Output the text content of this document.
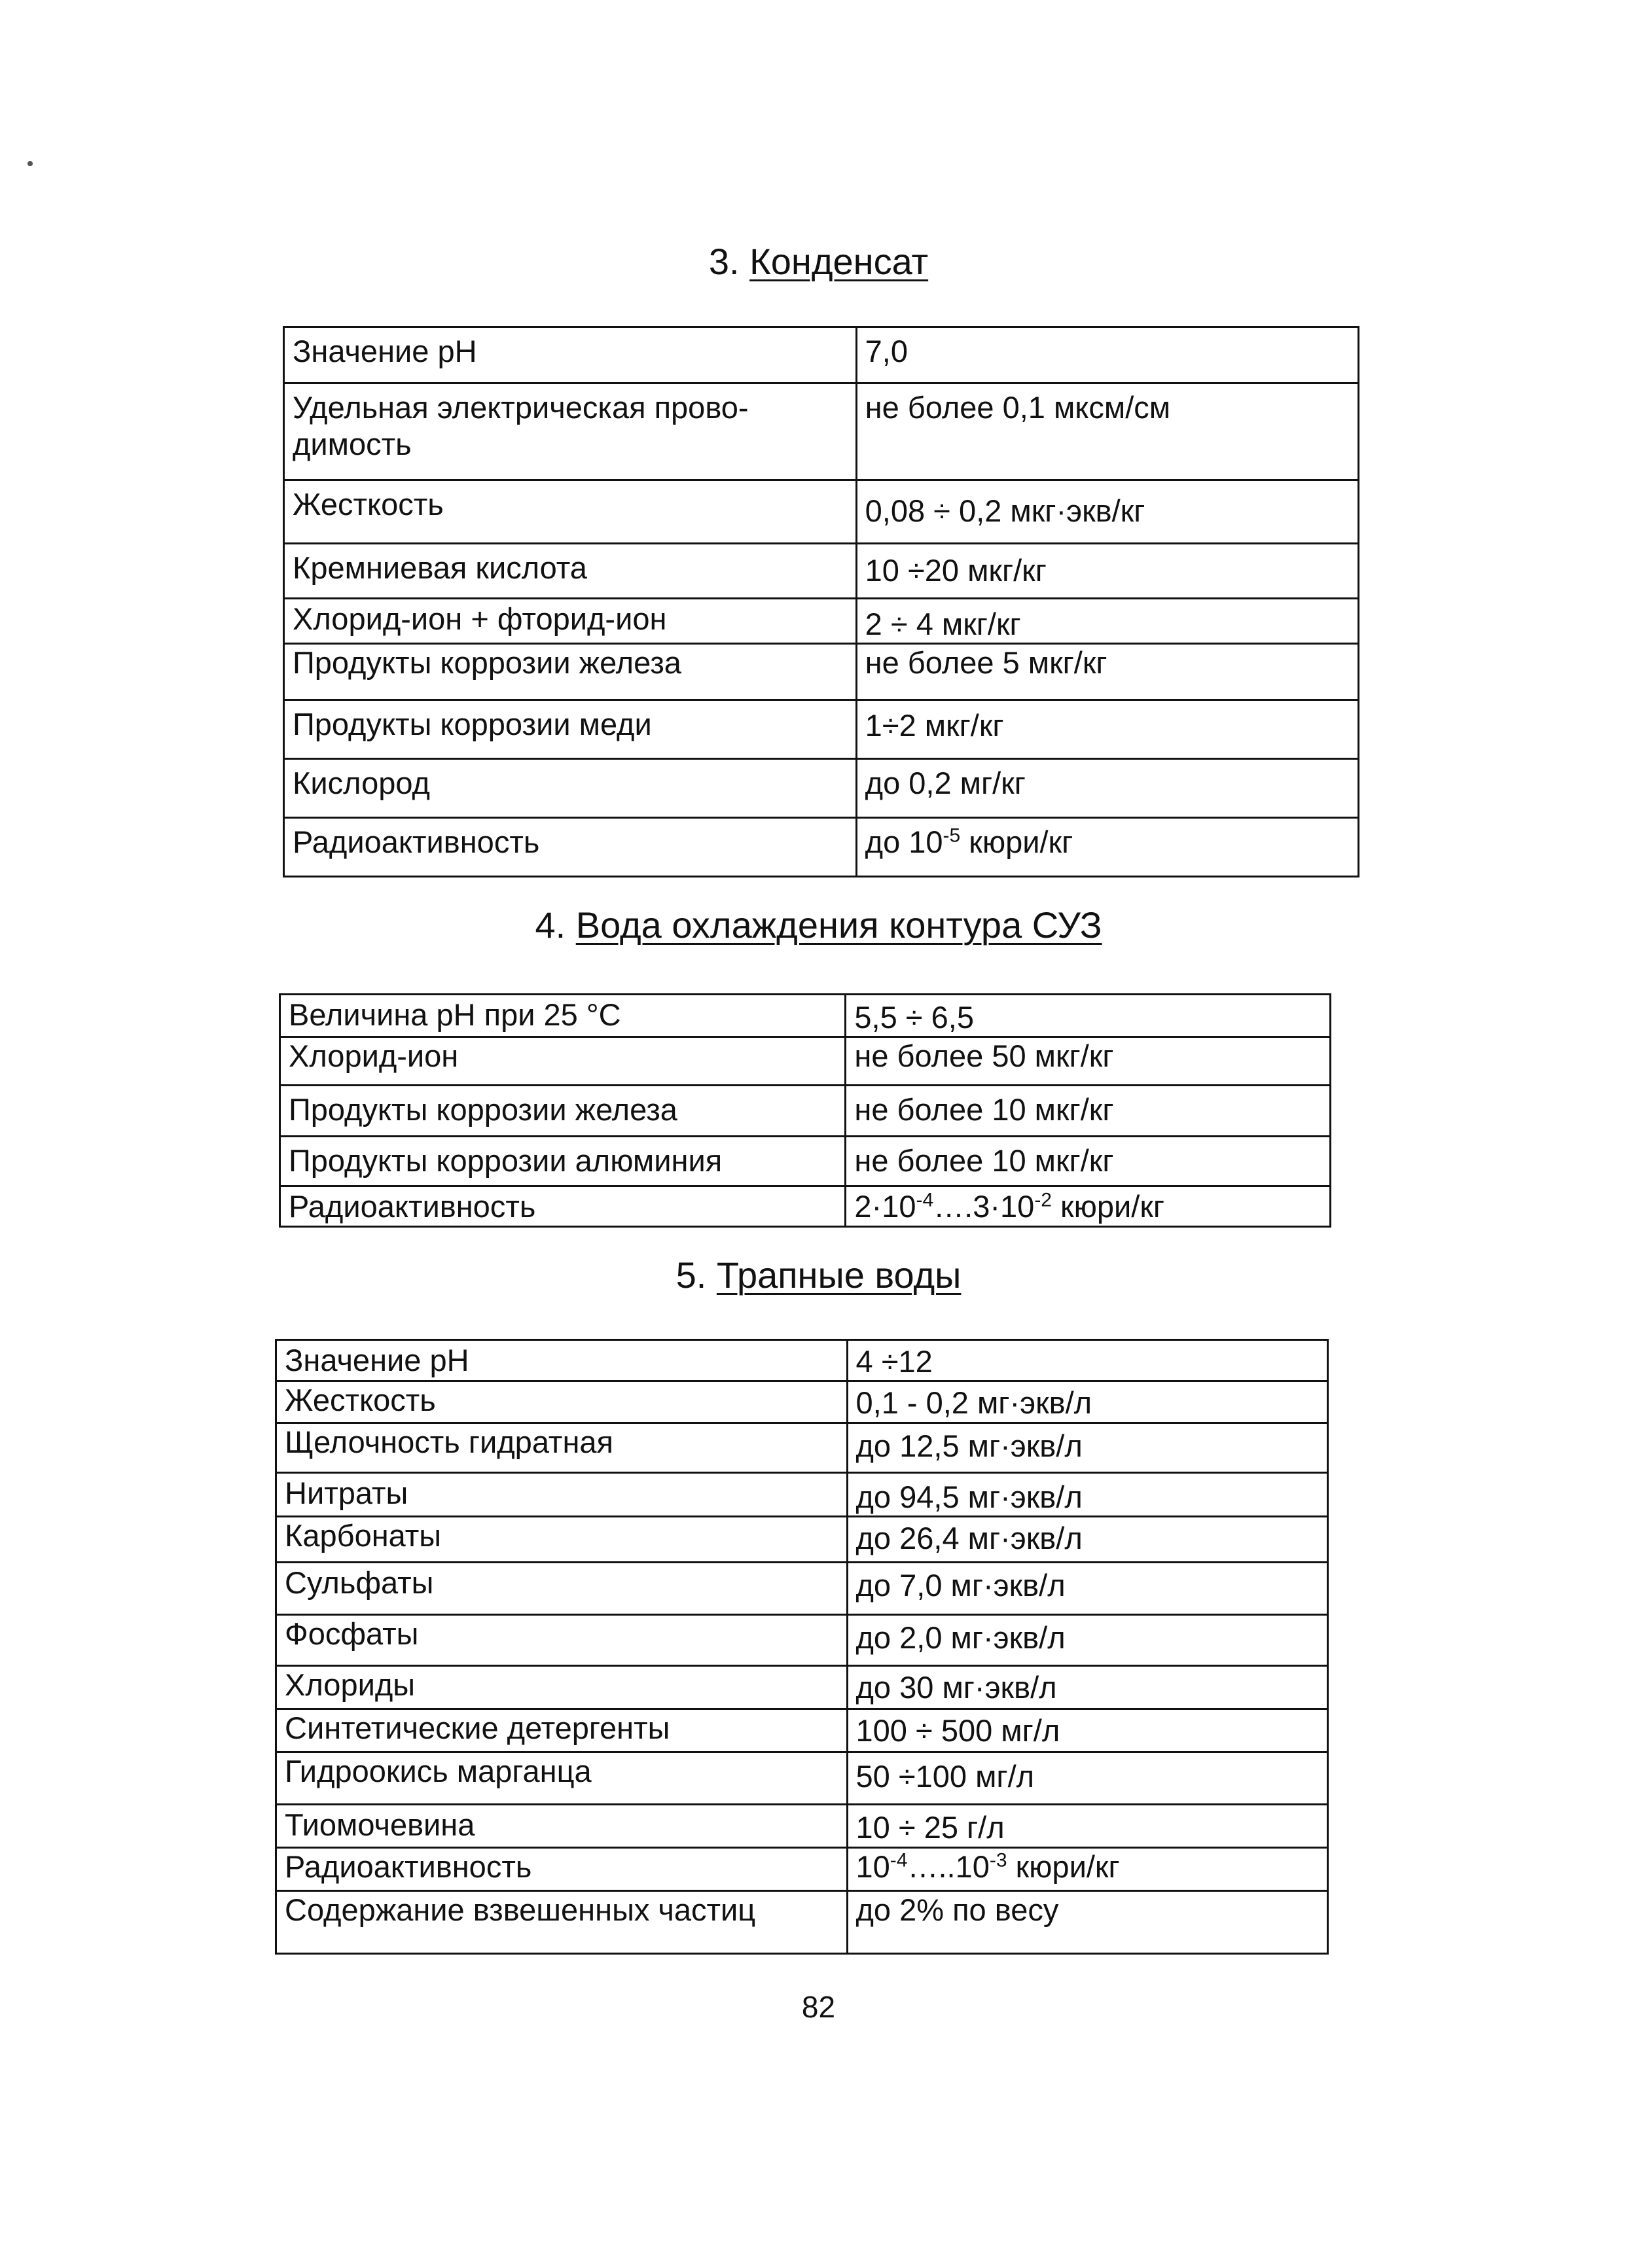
3. Конденсат
Значение pH	7,0
Удельная электрическая прово-
димость	не более 0,1 мксм/см
Жесткость	0,08 ÷ 0,2 мкг·экв/кг
Кремниевая кислота	10 ÷20 мкг/кг
Хлорид-ион + фторид-ион	2 ÷ 4 мкг/кг
Продукты коррозии железа	не более 5 мкг/кг
Продукты коррозии меди	1÷2 мкг/кг
Кислород	до 0,2 мг/кг
Радиоактивность	до $10^{-5}$ кюри/кг
4. Вода охлаждения контура СУЗ
Величина pH при 25 °С	5,5 ÷ 6,5
Хлорид-ион	не более 50 мкг/кг
Продукты коррозии железа	не более 10 мкг/кг
Продукты коррозии алюминия	не более 10 мкг/кг
Радиоактивность	$2\cdot 10^{-4}\dots.3\cdot 10^{-2}$ кюри/кг
5. Трапные воды
Значение pH	4 ÷12
Жесткость	0,1 - 0,2 мг·экв/л
Щелочность гидратная	до 12,5 мг·экв/л
Нитраты	до 94,5 мг·экв/л
Карбонаты	до 26,4 мг·экв/л
Сульфаты	до 7,0 мг·экв/л
Фосфаты	до 2,0 мг·экв/л
Хлориды	до 30 мг·экв/л
Синтетические детергенты	100 ÷ 500 мг/л
Гидроокись марганца	50 ÷100 мг/л
Тиомочевина	10 ÷ 25 г/л
Радиоактивность	$10^{-4}\dots..10^{-3}$ кюри/кг
Содержание взвешенных частиц	до 2% по весу
82
